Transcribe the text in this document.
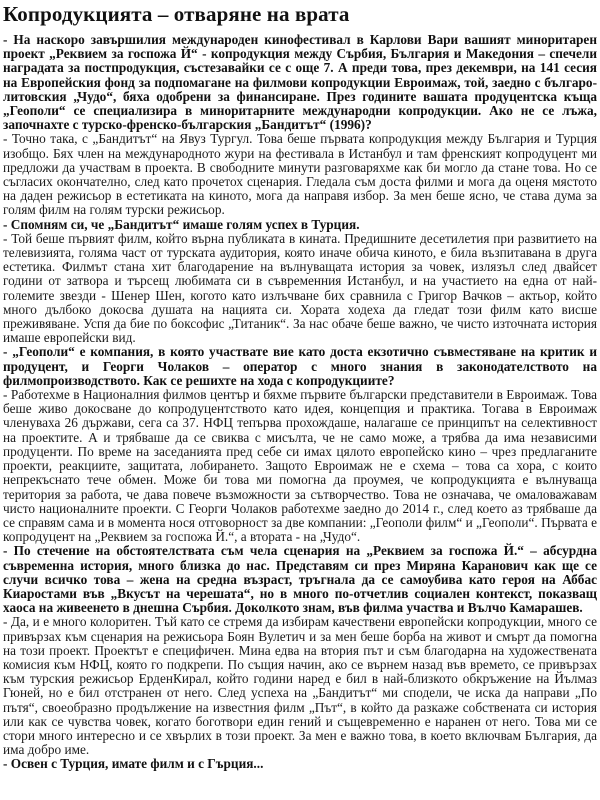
Копродукцията – отваряне на врата

- На наскоро завършилия международен кинофестивал в Карлови Вари вашият миноритарен проект „Реквием за госпожа Й“ - копродукция между Сърбия, България и Македония – спечели наградата за постпродукция, състезавайки се с още 7. А преди това, през декември, на 141 сесия на Европейския фонд за подпомагане на филмови копродукции Евроимаж, той, заедно с българо-литовския „Чудо“, бяха одобрени за финансиране. През годините вашата продуцентска къща „Геополи“ се специализира в миноритарните международни копродукции. Ако не се лъжа, започнахте с турско-френско-българския „Бандитът“ (1996)?

- Точно така, с „Бандитът“ на Явуз Тургул. Това беше първата копродукция между България и Турция изобщо. Бях член на международното жури на фестивала в Истанбул и там френският копродуцент ми предложи да участвам в проекта. В свободните минути разговаряхме как би могло да стане това. Но се съгласих окончателно, след като прочетох сценария. Гледала съм доста филми и мога да оценя мястото на даден режисьор в естетиката на киното, мога да направя избор. За мен беше ясно, че става дума за голям филм на голям турски режисьор.

- Спомням си, че „Бандитът“ имаше голям успех в Турция.

- Той беше първият филм, който върна публиката в кината. Предишните десетилетия при развитието на телевизията, голяма част от турската аудитория, която иначе обича киното, е била възпитавана в друга естетика. Филмът стана хит благодарение на вълнуващата история за човек, излязъл след двайсет години от затвора и търсещ любимата си в съвременния Истанбул, и на участието на една от най-големите звезди - Шенер Шен, когото като излъчване бих сравнила с Григор Вачков – актьор, който много дълбоко докосва душата на нацията си. Хората ходеха да гледат този филм като висше преживяване. Успя да бие по боксофис „Титаник“. За нас обаче беше важно, че чисто източната история имаше европейски вид.

- „Геополи“ е компания, в която участвате вие като доста екзотично съвместяване на критик и продуцент, и Георги Чолаков – оператор с много знания в законодателството на филмопроизводството. Как се решихте на хода с копродукциите?

- Работехме в Националния филмов център и бяхме първите български представители в Евроимаж. Това беше живо докосване до копродуцентството като идея, концепция и практика. Тогава в Евроимаж членуваха 26 държави, сега са 37. НФЦ тепърва прохождаше, налагаше се принципът на селективност на проектите. А и трябваше да се свиква с мисълта, че не само може, а трябва да има независими продуценти. По време на заседанията пред себе си имах цялото европейско кино – чрез предлаганите проекти, реакциите, защитата, лобирането. Защото Евроимаж не е схема – това са хора, с които непрекъснато тече обмен. Може би това ми помогна да проумея, че копродукцията е вълнуваща територия за работа, че дава повече възможности за сътворчество. Това не означава, че омаловажавам чисто националните проекти. С Георги Чолаков работехме заедно до 2014 г., след което аз трябваше да се справям сама и в момента нося отговорност за две компании: „Геополи филм“ и „Геополи“. Първата е копродуцент на „Реквием за госпожа Й.“, а втората - на „Чудо“.

- По стечение на обстоятелствата съм чела сценария на „Реквием за госпожа Й.“ – абсурдна съвременна история, много близка до нас. Представям си през Миряна Каранович как ще се случи всичко това – жена на средна възраст, тръгнала да се самоубива като героя на Аббас Киаростами във „Вкусът на черешата“, но в много по-отчетлив социален контекст, показващ хаоса на живеенето в днешна Сърбия. Доколкото знам, във филма участва и Вълчо Камарашев.

- Да, и е много колоритен. Тъй като се стремя да избирам качествени европейски копродукции, много се привързах към сценария на режисьора Боян Вулетич и за мен беше борба на живот и смърт да помогна на този проект. Проектът е специфичен. Мина едва на втория път и съм благодарна на художествената комисия към НФЦ, която го подкрепи. По същия начин, ако се върнем назад във времето, се привързах към турския режисьор ЕрденКирал, който години наред е бил в най-близкото обкръжение на Йълмаз Гюней, но е бил отстранен от него. След успеха на „Бандитът“ ми сподели, че иска да направи „По пътя“, своеобразно продължение на известния филм „Път“, в който да разкаже собствената си история или как се чувства човек, когато боготвори един гений и същевременно е наранен от него. Това ми се стори много интересно и се хвърлих в този проект. За мен е важно това, в което включвам България, да има добро име.

- Освен с Турция, имате филм и с Гърция...
